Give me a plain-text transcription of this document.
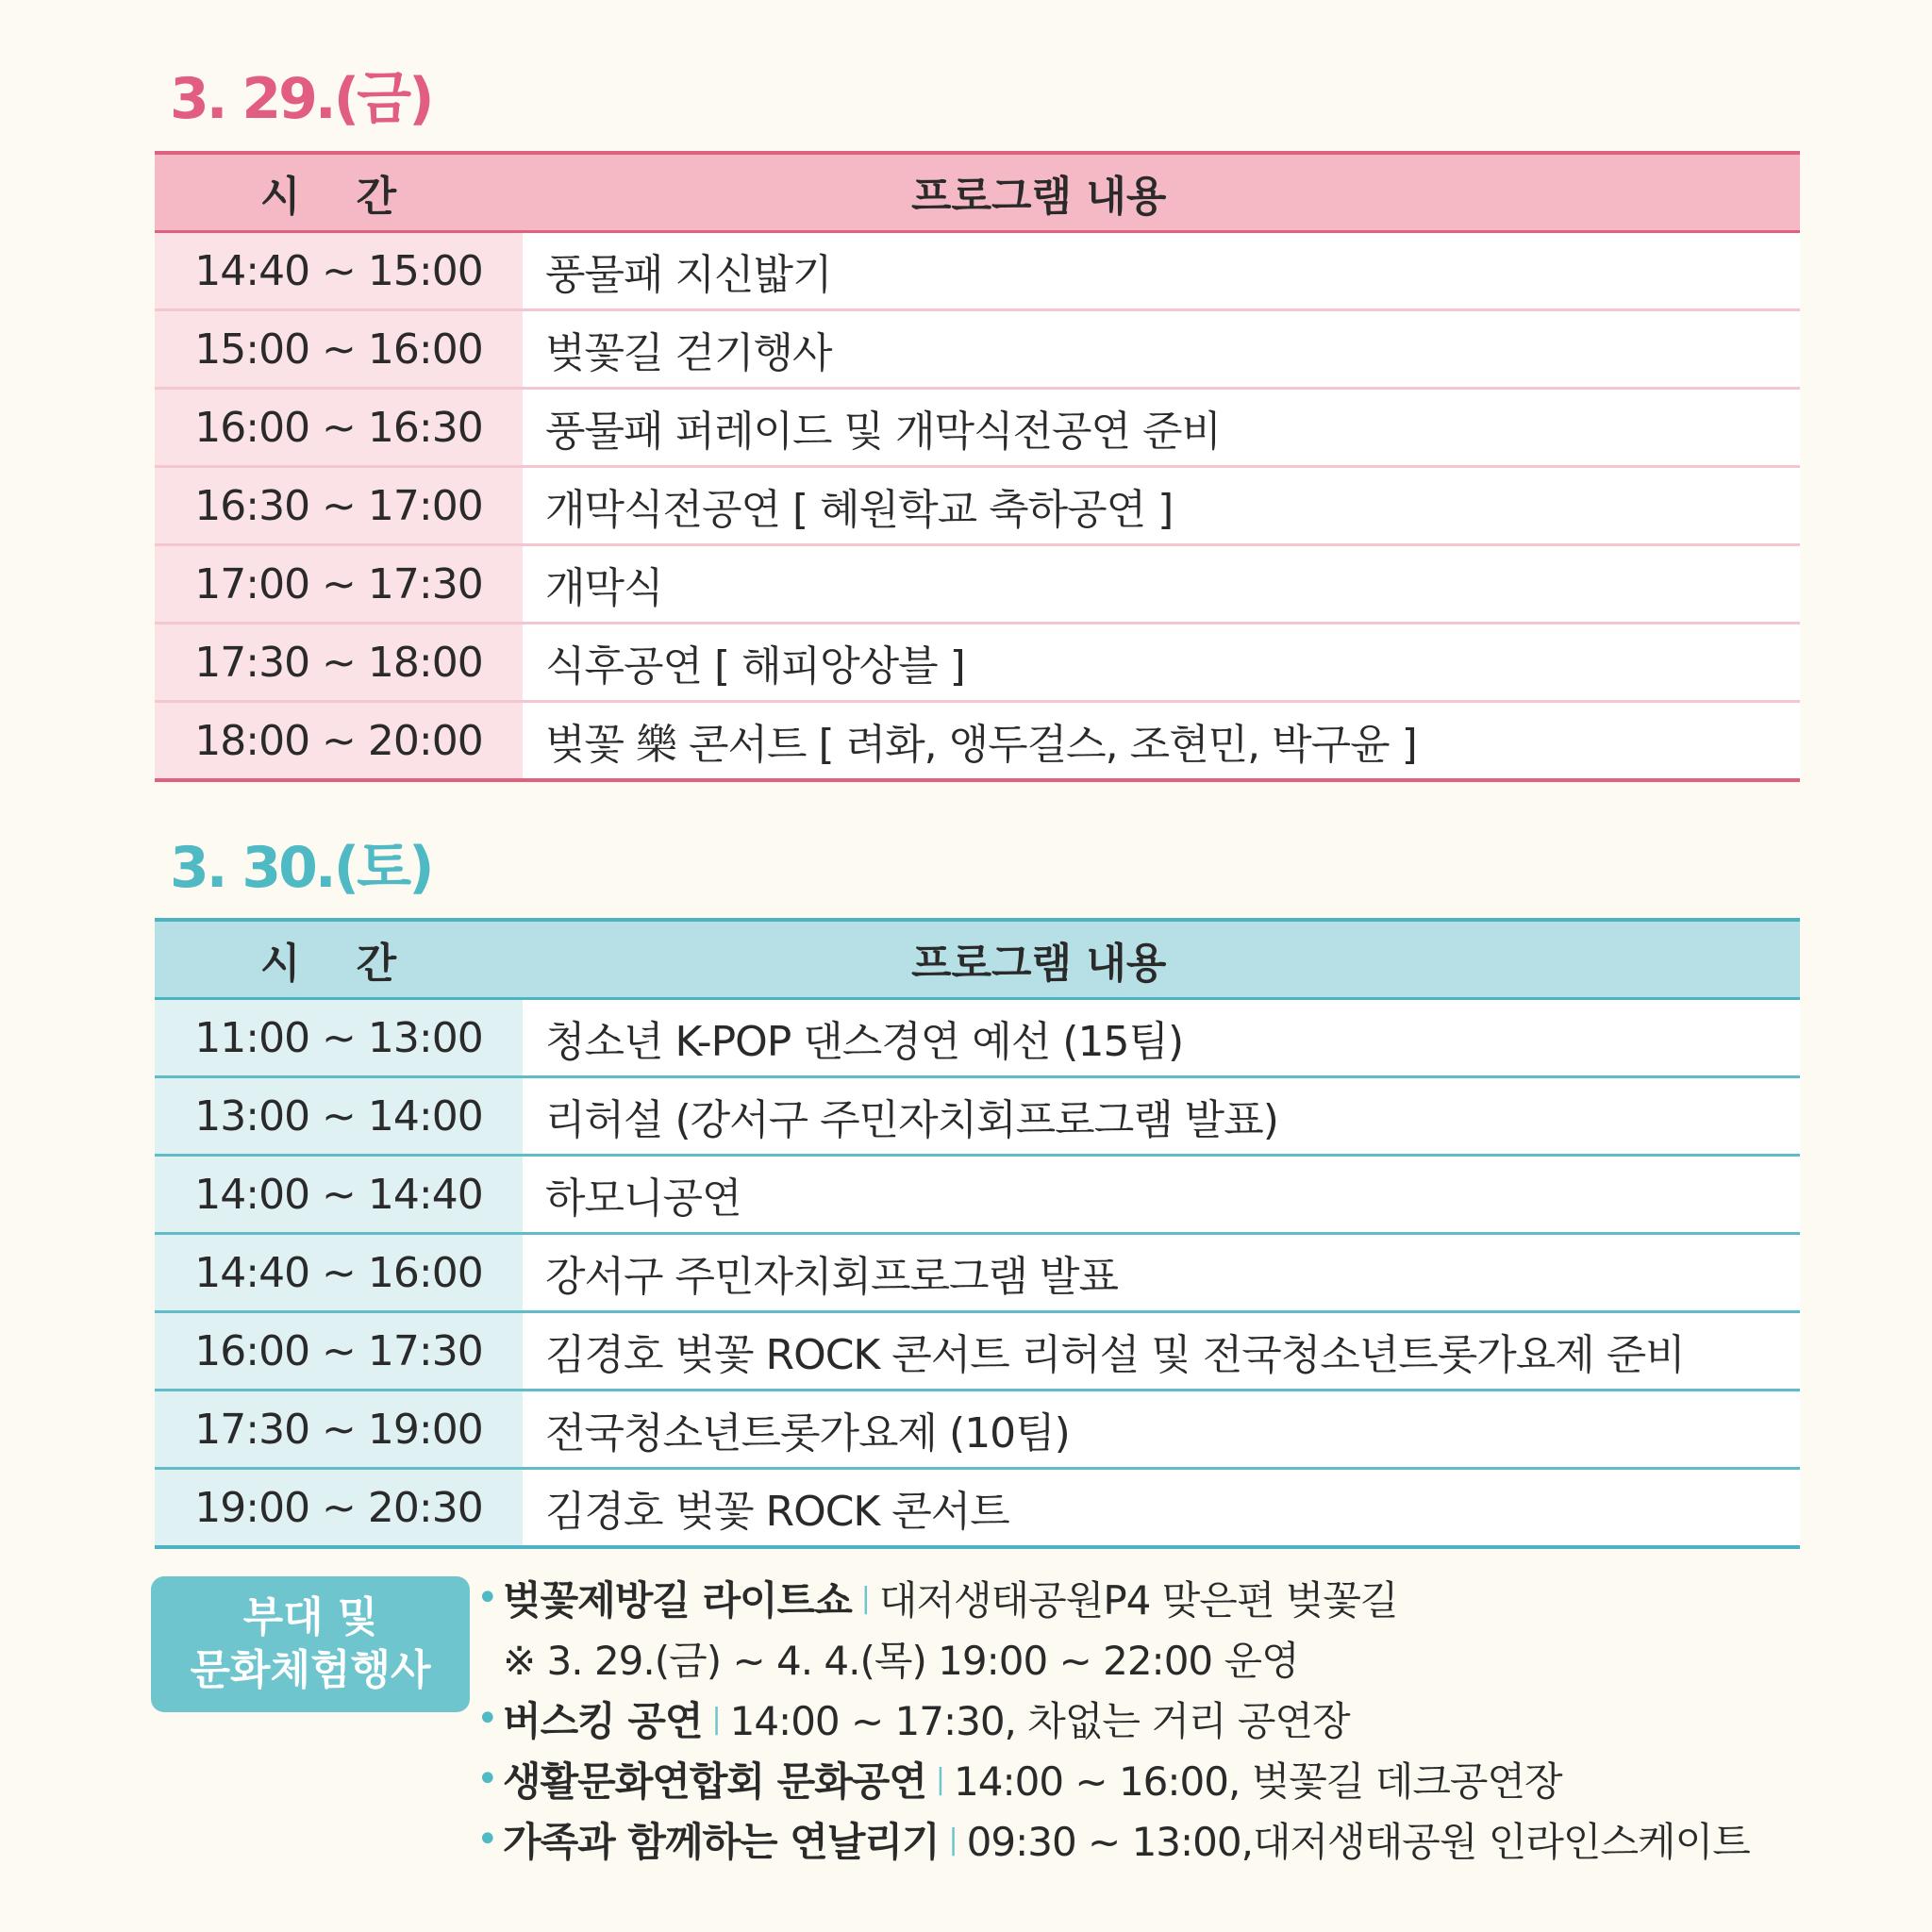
3. 29.(금)
시 간	프로그램 내용
14:40 ~ 15:00	풍물패 지신밟기
15:00 ~ 16:00	벚꽃길 걷기행사
16:00 ~ 16:30	풍물패 퍼레이드 및 개막식전공연 준비
16:30 ~ 17:00	개막식전공연 [ 혜원학교 축하공연 ]
17:00 ~ 17:30	개막식
17:30 ~ 18:00	식후공연 [ 해피앙상블 ]
18:00 ~ 20:00	벚꽃 樂 콘서트 [ 려화, 앵두걸스, 조현민, 박구윤 ]
3. 30.(토)
시 간	프로그램 내용
11:00 ~ 13:00	청소년 K-POP 댄스경연 예선 (15팀)
13:00 ~ 14:00	리허설 (강서구 주민자치회프로그램 발표)
14:00 ~ 14:40	하모니공연
14:40 ~ 16:00	강서구 주민자치회프로그램 발표
16:00 ~ 17:30	김경호 벚꽃 ROCK 콘서트 리허설 및 전국청소년트롯가요제 준비
17:30 ~ 19:00	전국청소년트롯가요제 (10팀)
19:00 ~ 20:30	김경호 벚꽃 ROCK 콘서트
부대 및
문화체험행사
• 벚꽃제방길 라이트쇼 | 대저생태공원P4 맞은편 벚꽃길
※ 3. 29.(금) ~ 4. 4.(목) 19:00 ~ 22:00 운영
• 버스킹 공연 | 14:00 ~ 17:30, 차없는 거리 공연장
• 생활문화연합회 문화공연 | 14:00 ~ 16:00, 벚꽃길 데크공연장
• 가족과 함께하는 연날리기 | 09:30 ~ 13:00,대저생태공원 인라인스케이트
